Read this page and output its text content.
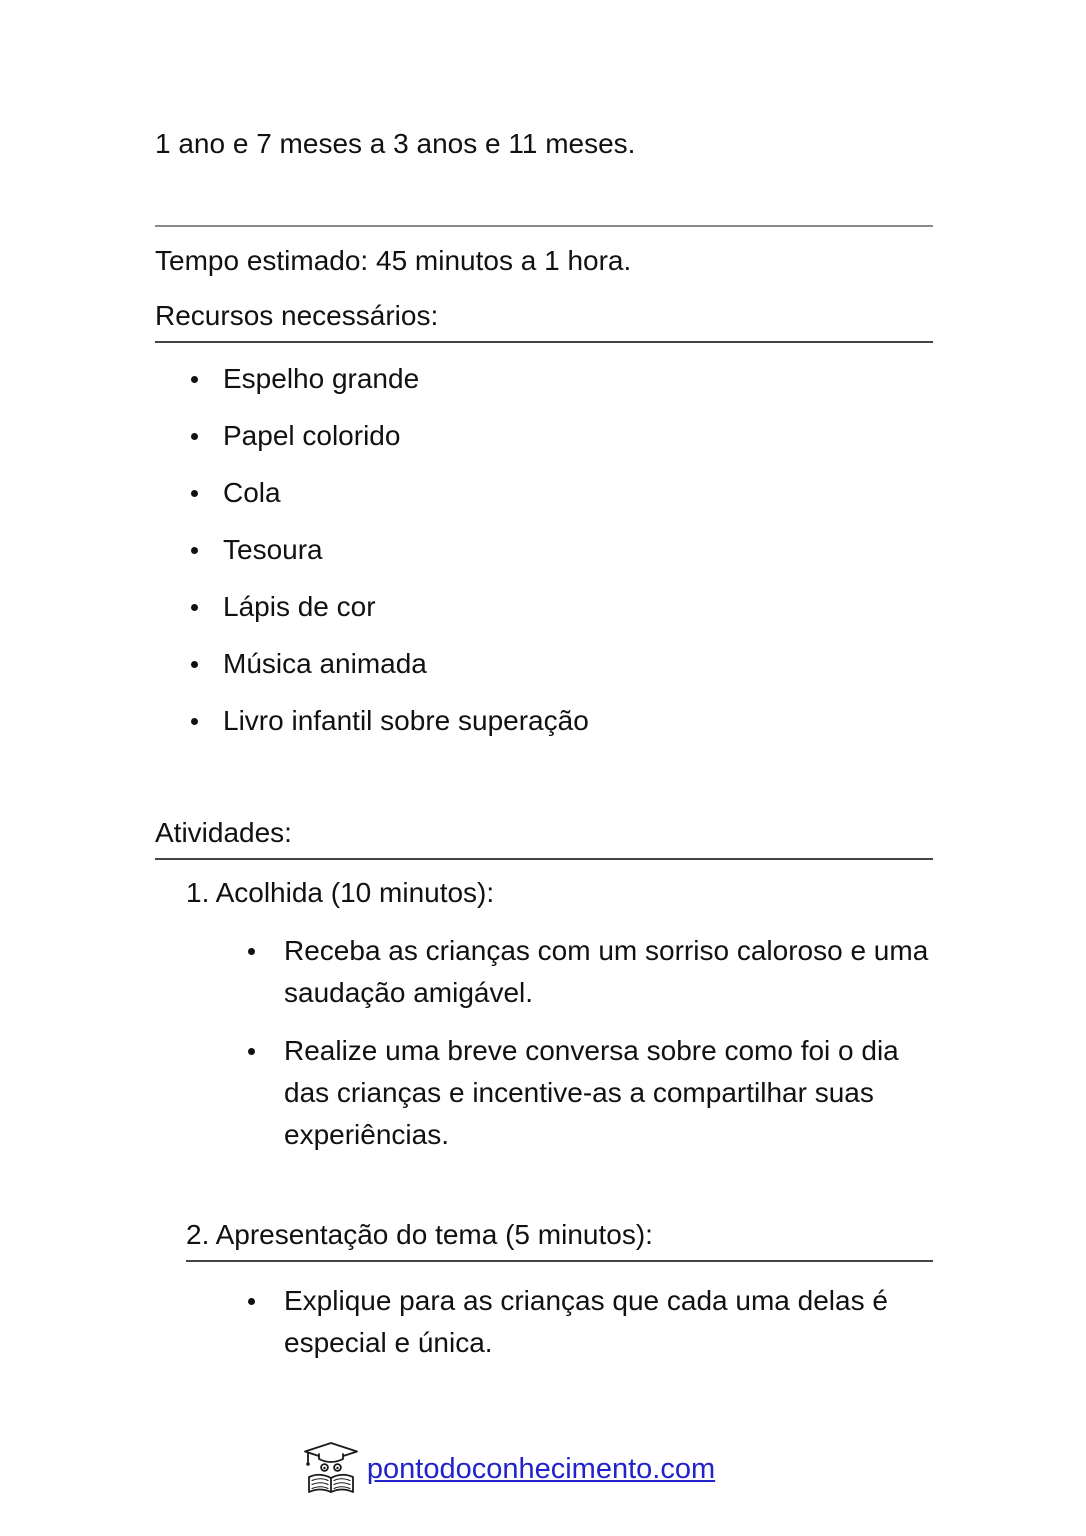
1 ano e 7 meses a 3 anos e 11 meses.
Tempo estimado: 45 minutos a 1 hora.
Recursos necessários:
Espelho grande
Papel colorido
Cola
Tesoura
Lápis de cor
Música animada
Livro infantil sobre superação
Atividades:
1. Acolhida (10 minutos):
Receba as crianças com um sorriso caloroso e uma saudação amigável.
Realize uma breve conversa sobre como foi o dia das crianças e incentive-as a compartilhar suas experiências.
2. Apresentação do tema (5 minutos):
Explique para as crianças que cada uma delas é especial e única.
pontodoconhecimento.com
